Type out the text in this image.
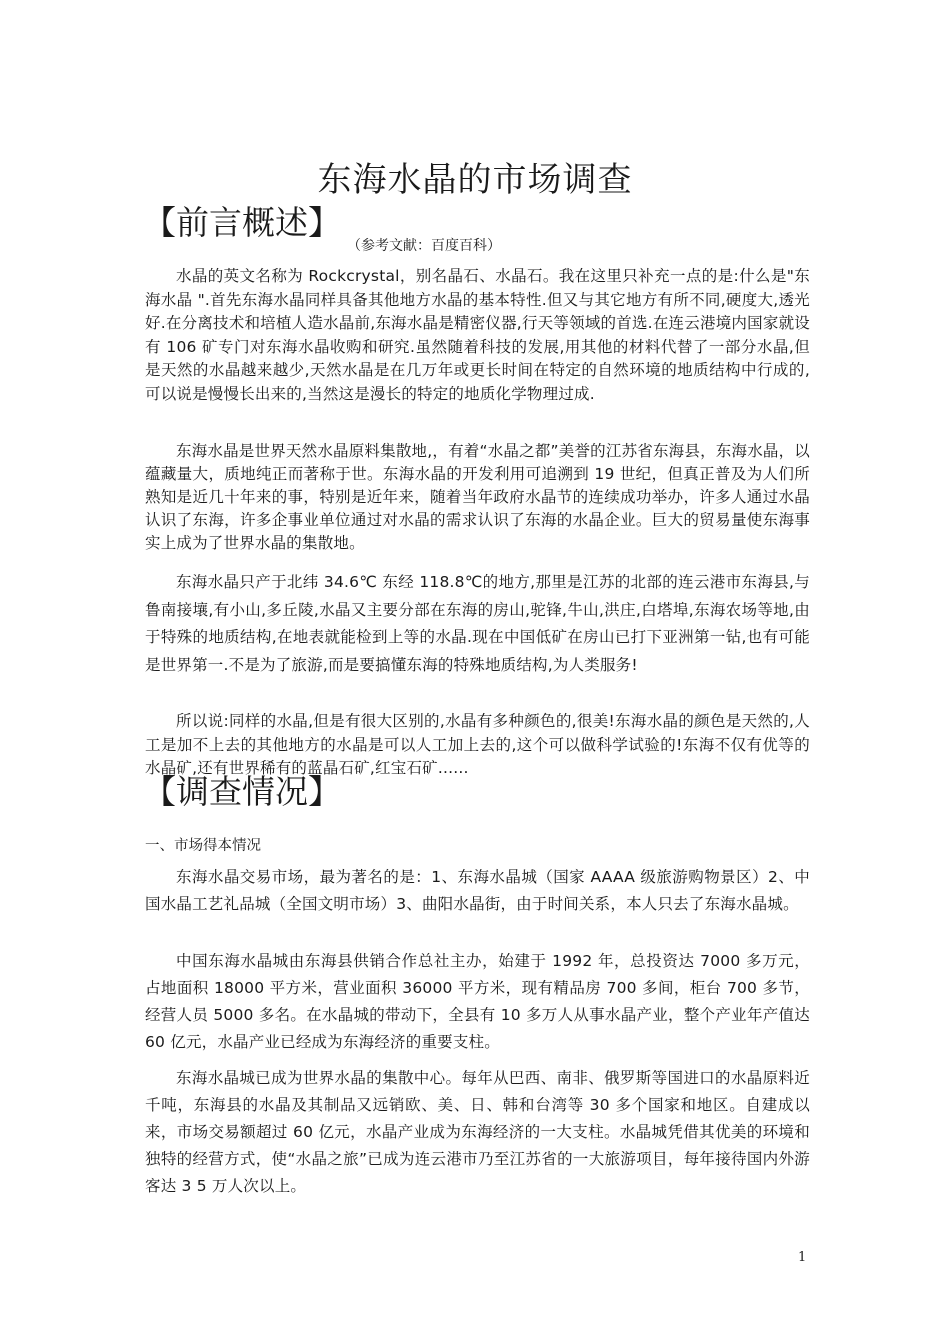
东海水晶的市场调查
【前言概述】
（参考文献：百度百科）

水晶的英文名称为 Rockcrystal，别名晶石、水晶石。我在这里只补充一点的是:什么是"东海水晶 ".首先东海水晶同样具备其他地方水晶的基本特性.但又与其它地方有所不同,硬度大,透光好.在分离技术和培植人造水晶前,东海水晶是精密仪器,行天等领域的首选.在连云港境内国家就设有 106 矿专门对东海水晶收购和研究.虽然随着科技的发展,用其他的材料代替了一部分水晶,但是天然的水晶越来越少,天然水晶是在几万年或更长时间在特定的自然环境的地质结构中行成的,可以说是慢慢长出来的,当然这是漫长的特定的地质化学物理过成.

东海水晶是世界天然水晶原料集散地,，有着“水晶之都”美誉的江苏省东海县，东海水晶，以蕴藏量大，质地纯正而著称于世。东海水晶的开发利用可追溯到 19 世纪，但真正普及为人们所熟知是近几十年来的事，特别是近年来，随着当年政府水晶节的连续成功举办，许多人通过水晶认识了东海，许多企事业单位通过对水晶的需求认识了东海的水晶企业。巨大的贸易量使东海事实上成为了世界水晶的集散地。

东海水晶只产于北纬 34.6℃ 东经 118.8℃的地方,那里是江苏的北部的连云港市东海县,与鲁南接壤,有小山,多丘陵,水晶又主要分部在东海的房山,驼锋,牛山,洪庄,白塔埠,东海农场等地,由于特殊的地质结构,在地表就能检到上等的水晶.现在中国低矿在房山已打下亚洲第一钻,也有可能是世界第一.不是为了旅游,而是要搞懂东海的特殊地质结构,为人类服务!

所以说:同样的水晶,但是有很大区别的,水晶有多种颜色的,很美!东海水晶的颜色是天然的,人工是加不上去的其他地方的水晶是可以人工加上去的,这个可以做科学试验的!东海不仅有优等的水晶矿,还有世界稀有的蓝晶石矿,红宝石矿......

【调查情况】
一、市场得本情况

东海水晶交易市场，最为著名的是：1、东海水晶城（国家 AAAA 级旅游购物景区）2、中国水晶工艺礼品城（全国文明市场）3、曲阳水晶街，由于时间关系，本人只去了东海水晶城。

中国东海水晶城由东海县供销合作总社主办，始建于 1992 年，总投资达 7000 多万元，占地面积 18000 平方米，营业面积 36000 平方米，现有精品房 700 多间，柜台 700 多节，经营人员 5000 多名。在水晶城的带动下，全县有 10 多万人从事水晶产业，整个产业年产值达 60 亿元，水晶产业已经成为东海经济的重要支柱。

东海水晶城已成为世界水晶的集散中心。每年从巴西、南非、俄罗斯等国进口的水晶原料近千吨，东海县的水晶及其制品又远销欧、美、日、韩和台湾等 30 多个国家和地区。自建成以来，市场交易额超过 60 亿元，水晶产业成为东海经济的一大支柱。水晶城凭借其优美的环境和独特的经营方式，使“水晶之旅”已成为连云港市乃至江苏省的一大旅游项目，每年接待国内外游客达 3 5 万人次以上。

1
